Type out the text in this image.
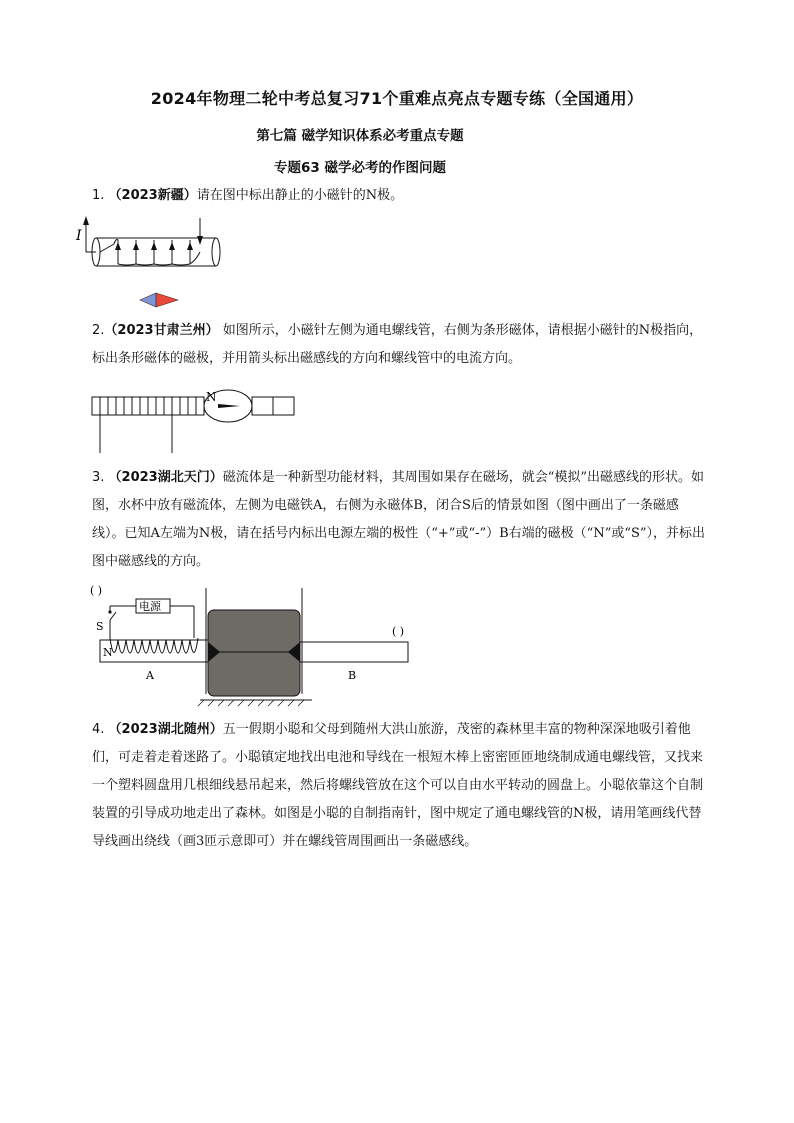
2024年物理二轮中考总复习71个重难点亮点专题专练（全国通用）
第七篇 磁学知识体系必考重点专题
专题63 磁学必考的作图问题
1. （2023新疆）请在图中标出静止的小磁针的N极。
I
2.（2023甘肃兰州） 如图所示，小磁针左侧为通电螺线管，右侧为条形磁体，请根据小磁针的N极指向，标出条形磁体的磁极，并用箭头标出磁感线的方向和螺线管中的电流方向。
N
3. （2023湖北天门）磁流体是一种新型功能材料，其周围如果存在磁场，就会“模拟”出磁感线的形状。如图，水杯中放有磁流体，左侧为电磁铁A，右侧为永磁体B，闭合S后的情景如图（图中画出了一条磁感线）。已知A左端为N极，请在括号内标出电源左端的极性（“+”或“-”）B右端的磁极（“N”或“S”），并标出图中磁感线的方向。
( )
( )
电源
S
N
A	B
4. （2023湖北随州）五一假期小聪和父母到随州大洪山旅游，茂密的森林里丰富的物种深深地吸引着他们，可走着走着迷路了。小聪镇定地找出电池和导线在一根短木棒上密密匝匝地绕制成通电螺线管，又找来一个塑料圆盘用几根细线悬吊起来，然后将螺线管放在这个可以自由水平转动的圆盘上。小聪依靠这个自制装置的引导成功地走出了森林。如图是小聪的自制指南针，图中规定了通电螺线管的N极，请用笔画线代替导线画出绕线（画3匝示意即可）并在螺线管周围画出一条磁感线。
